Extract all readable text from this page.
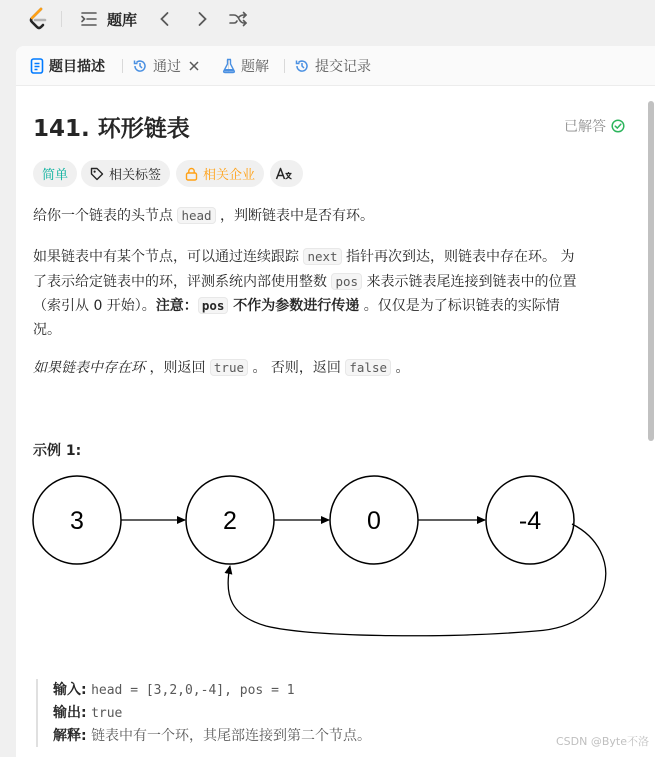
题库
题目描述	通过	题解	提交记录
141. 环形链表	已解答
简单	相关标签	相关企业
给你一个链表的头节点 head ，判断链表中是否有环。
如果链表中有某个节点，可以通过连续跟踪 next 指针再次到达，则链表中存在环。 为
了表示给定链表中的环，评测系统内部使用整数 pos 来表示链表尾连接到链表中的位置
（索引从 0 开始）。注意： pos 不作为参数进行传递 。仅仅是为了标识链表的实际情
况。
如果链表中存在环 ，则返回 true 。 否则，返回 false 。
示例 1:
3	2	0	-4
输入: head = [3,2,0,-4], pos = 1
输出: true
解释: 链表中有一个环，其尾部连接到第二个节点。	CSDN @Byte不洛
